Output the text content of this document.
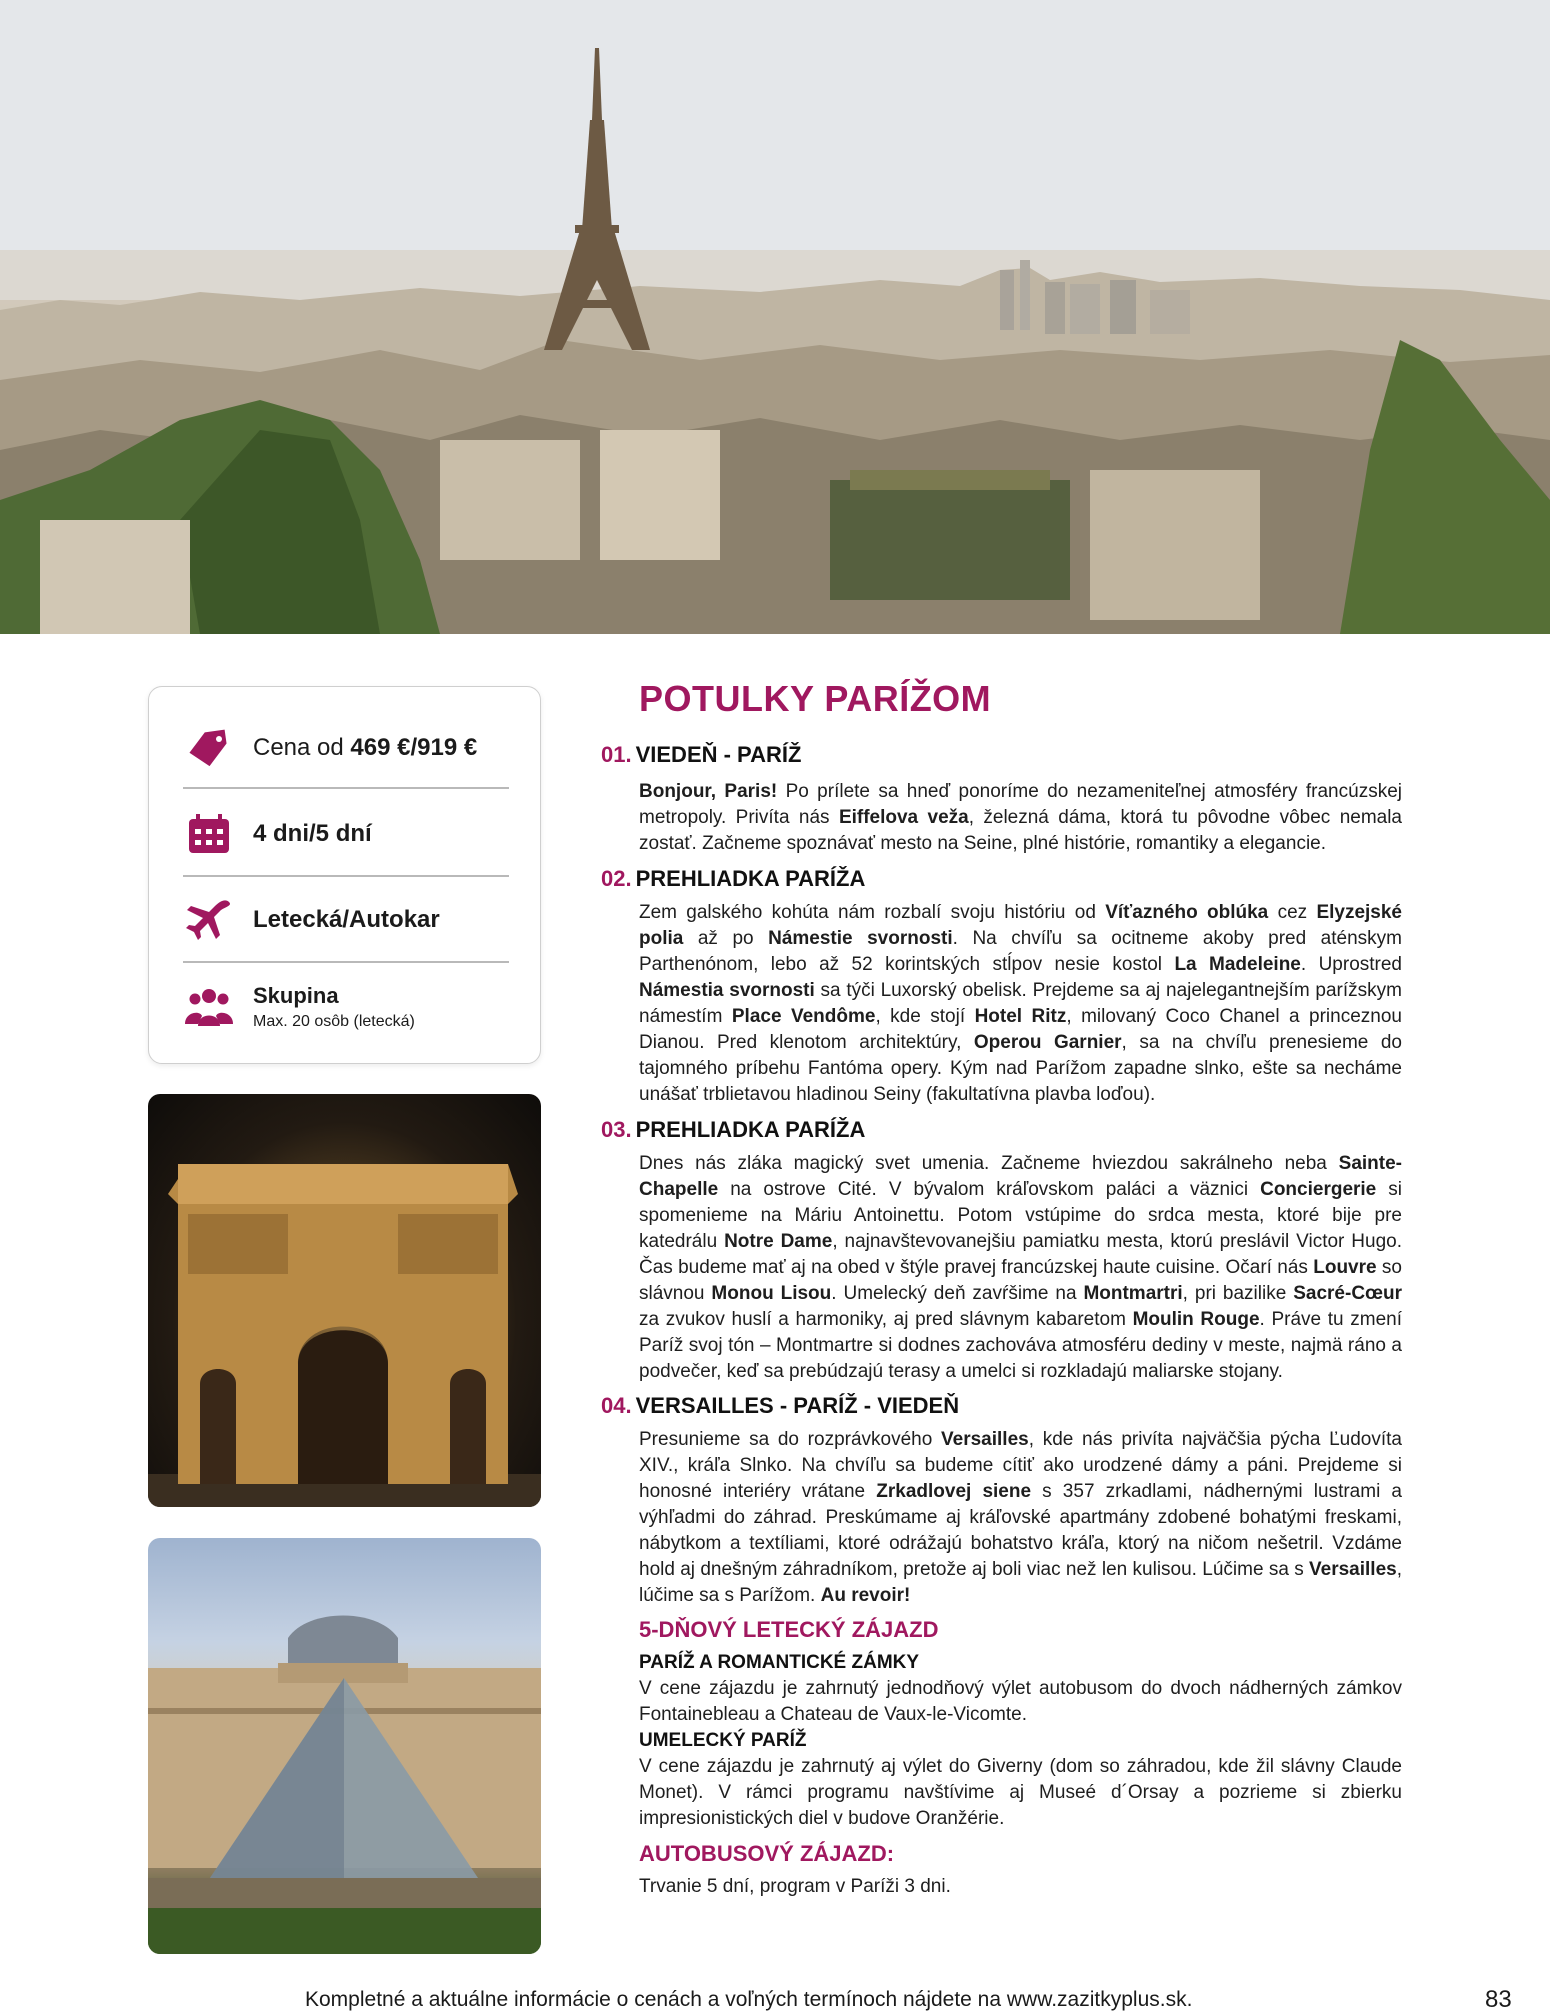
Cena od 469 €/919 €
4 dni/5 dní
Letecká/Autokar
Skupina
Max. 20 osôb (letecká)
POTULKY PARÍŽOM
01. VIEDEŇ - PARÍŽ
Bonjour, Paris! Po prílete sa hneď ponoríme do nezameniteľnej atmosféry francúzskej metropoly. Privíta nás Eiffelova veža, železná dáma, ktorá tu pôvodne vôbec nemala zostať. Začneme spoznávať mesto na Seine, plné histórie, romantiky a elegancie.
02. PREHLIADKA PARÍŽA
Zem galského kohúta nám rozbalí svoju históriu od Víťazného oblúka cez Elyzejské polia až po Námestie svornosti. Na chvíľu sa ocitneme akoby pred aténskym Parthenónom, lebo až 52 korintských stĺpov nesie kostol La Madeleine. Uprostred Námestia svornosti sa týči Luxorský obelisk. Prejdeme sa aj najelegantnejším parížskym námestím Place Vendôme, kde stojí Hotel Ritz, milovaný Coco Chanel a princeznou Dianou. Pred klenotom architektúry, Operou Garnier, sa na chvíľu prenesieme do tajomného príbehu Fantóma opery. Kým nad Parížom zapadne slnko, ešte sa necháme unášať trblietavou hladinou Seiny (fakultatívna plavba loďou).
03. PREHLIADKA PARÍŽA
Dnes nás zláka magický svet umenia. Začneme hviezdou sakrálneho neba Sainte-Chapelle na ostrove Cité. V bývalom kráľovskom paláci a väznici Conciergerie si spomenieme na Máriu Antoinettu. Potom vstúpime do srdca mesta, ktoré bije pre katedrálu Notre Dame, najnavštevovanejšiu pamiatku mesta, ktorú preslávil Victor Hugo. Čas budeme mať aj na obed v štýle pravej francúzskej haute cuisine. Očarí nás Louvre so slávnou Monou Lisou. Umelecký deň zavŕšime na Montmartri, pri bazilike Sacré-Cœur za zvukov huslí a harmoniky, aj pred slávnym kabaretom Moulin Rouge. Práve tu zmení Paríž svoj tón – Montmartre si dodnes zachováva atmosféru dediny v meste, najmä ráno a podvečer, keď sa prebúdzajú terasy a umelci si rozkladajú maliarske stojany.
04. VERSAILLES - PARÍŽ - VIEDEŇ
Presunieme sa do rozprávkového Versailles, kde nás privíta najväčšia pýcha Ľudovíta XIV., kráľa Slnko. Na chvíľu sa budeme cítiť ako urodzené dámy a páni. Prejdeme si honosné interiéry vrátane Zrkadlovej siene s 357 zrkadlami, nádhernými lustrami a výhľadmi do záhrad. Preskúmame aj kráľovské apartmány zdobené bohatými freskami, nábytkom a textíliami, ktoré odrážajú bohatstvo kráľa, ktorý na ničom nešetril. Vzdáme hold aj dnešným záhradníkom, pretože aj boli viac než len kulisou. Lúčime sa s Versailles, lúčime sa s Parížom. Au revoir!
5-DŇOVÝ LETECKÝ ZÁJAZD
PARÍŽ A ROMANTICKÉ ZÁMKY
V cene zájazdu je zahrnutý jednodňový výlet autobusom do dvoch nádherných zámkov Fontainebleau a Chateau de Vaux-le-Vicomte.
UMELECKÝ PARÍŽ
V cene zájazdu je zahrnutý aj výlet do Giverny (dom so záhradou, kde žil slávny Claude Monet). V rámci programu navštívime aj Museé d´Orsay a pozrieme si zbierku impresionistických diel v budove Oranžérie.
AUTOBUSOVÝ ZÁJAZD:
Trvanie 5 dní, program v Paríži 3 dni.
Kompletné a aktuálne informácie o cenách a voľných termínoch nájdete na www.zazitkyplus.sk.	83
